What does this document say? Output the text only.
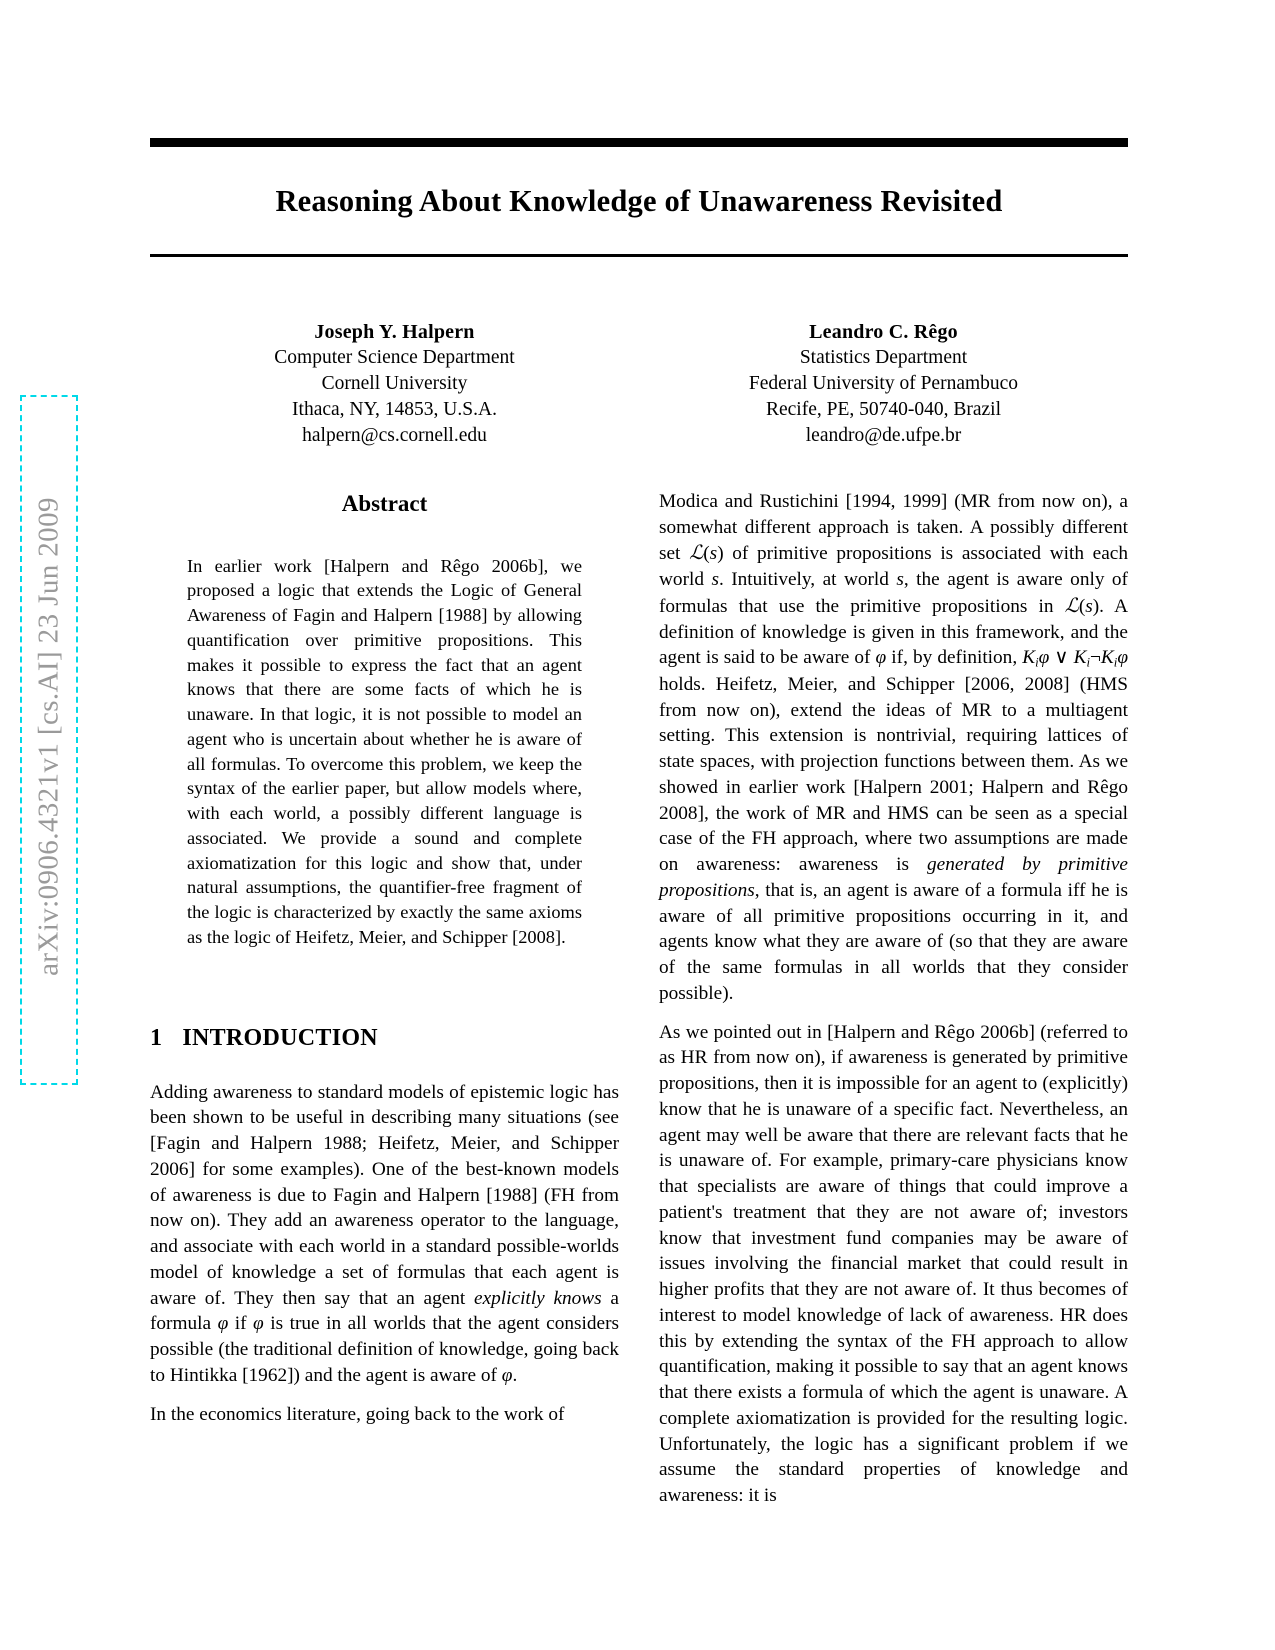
arXiv:0906.4321v1 [cs.AI] 23 Jun 2009
Reasoning About Knowledge of Unawareness Revisited
Joseph Y. Halpern
Computer Science Department
Cornell University
Ithaca, NY, 14853, U.S.A.
halpern@cs.cornell.edu
Leandro C. Rêgo
Statistics Department
Federal University of Pernambuco
Recife, PE, 50740-040, Brazil
leandro@de.ufpe.br
Abstract
In earlier work [Halpern and Rêgo 2006b], we proposed a logic that extends the Logic of General Awareness of Fagin and Halpern [1988] by allowing quantification over primitive propositions. This makes it possible to express the fact that an agent knows that there are some facts of which he is unaware. In that logic, it is not possible to model an agent who is uncertain about whether he is aware of all formulas. To overcome this problem, we keep the syntax of the earlier paper, but allow models where, with each world, a possibly different language is associated. We provide a sound and complete axiomatization for this logic and show that, under natural assumptions, the quantifier-free fragment of the logic is characterized by exactly the same axioms as the logic of Heifetz, Meier, and Schipper [2008].
1 INTRODUCTION

Adding awareness to standard models of epistemic logic has been shown to be useful in describing many situations (see [Fagin and Halpern 1988; Heifetz, Meier, and Schipper 2006] for some examples). One of the best-known models of awareness is due to Fagin and Halpern [1988] (FH from now on). They add an awareness operator to the language, and associate with each world in a standard possible-worlds model of knowledge a set of formulas that each agent is aware of. They then say that an agent explicitly knows a formula φ if φ is true in all worlds that the agent considers possible (the traditional definition of knowledge, going back to Hintikka [1962]) and the agent is aware of φ.

In the economics literature, going back to the work of

Modica and Rustichini [1994, 1999] (MR from now on), a somewhat different approach is taken. A possibly different set ℒ(s) of primitive propositions is associated with each world s. Intuitively, at world s, the agent is aware only of formulas that use the primitive propositions in ℒ(s). A definition of knowledge is given in this framework, and the agent is said to be aware of φ if, by definition, $K_i\varphi$ ∨ $K_i\neg K_i\varphi$ holds. Heifetz, Meier, and Schipper [2006, 2008] (HMS from now on), extend the ideas of MR to a multiagent setting. This extension is nontrivial, requiring lattices of state spaces, with projection functions between them. As we showed in earlier work [Halpern 2001; Halpern and Rêgo 2008], the work of MR and HMS can be seen as a special case of the FH approach, where two assumptions are made on awareness: awareness is generated by primitive propositions, that is, an agent is aware of a formula iff he is aware of all primitive propositions occurring in it, and agents know what they are aware of (so that they are aware of the same formulas in all worlds that they consider possible).

As we pointed out in [Halpern and Rêgo 2006b] (referred to as HR from now on), if awareness is generated by primitive propositions, then it is impossible for an agent to (explicitly) know that he is unaware of a specific fact. Nevertheless, an agent may well be aware that there are relevant facts that he is unaware of. For example, primary-care physicians know that specialists are aware of things that could improve a patient's treatment that they are not aware of; investors know that investment fund companies may be aware of issues involving the financial market that could result in higher profits that they are not aware of. It thus becomes of interest to model knowledge of lack of awareness. HR does this by extending the syntax of the FH approach to allow quantification, making it possible to say that an agent knows that there exists a formula of which the agent is unaware. A complete axiomatization is provided for the resulting logic. Unfortunately, the logic has a significant problem if we assume the standard properties of knowledge and awareness: it is
